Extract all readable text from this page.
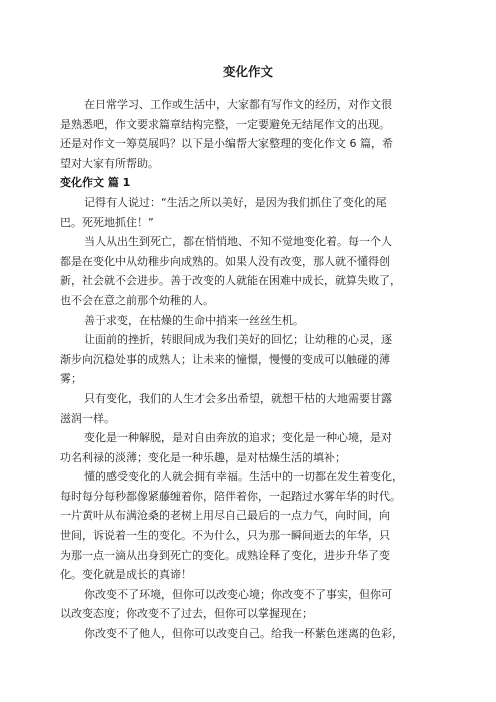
变化作文
在日常学习、工作或生活中，大家都有写作文的经历，对作文很
是熟悉吧，作文要求篇章结构完整，一定要避免无结尾作文的出现。
还是对作文一筹莫展吗？以下是小编帮大家整理的变化作文 6 篇，希
望对大家有所帮助。
变化作文 篇 1
记得有人说过：“生活之所以美好，是因为我们抓住了变化的尾
巴。死死地抓住！”
当人从出生到死亡，都在悄悄地、不知不觉地变化着。每一个人
都是在变化中从幼稚步向成熟的。如果人没有改变，那人就不懂得创
新，社会就不会进步。善于改变的人就能在困难中成长，就算失败了，
也不会在意之前那个幼稚的人。
善于求变，在枯燥的生命中捎来一丝丝生机。
让面前的挫折，转眼间成为我们美好的回忆；让幼稚的心灵，逐
渐步向沉稳处事的成熟人；让未来的憧憬，慢慢的变成可以触碰的薄
雾；
只有变化，我们的人生才会多出希望，就想干枯的大地需要甘露
滋润一样。
变化是一种解脱，是对自由奔放的追求；变化是一种心境，是对
功名利禄的淡薄；变化是一种乐趣，是对枯燥生活的填补；
懂的感受变化的人就会拥有幸福。生活中的一切都在发生着变化，
每时每分每秒都像紧藤缠着你，陪伴着你，一起踏过水雾年华的时代。
一片黄叶从布满沧桑的老树上用尽自己最后的一点力气，向时间，向
世间，诉说着一生的变化。不为什么，只为那一瞬间逝去的年华，只
为那一点一滴从出身到死亡的变化。成熟诠释了变化，进步升华了变
化。变化就是成长的真谛！
你改变不了环境，但你可以改变心境；你改变不了事实，但你可
以改变态度；你改变不了过去，但你可以掌握现在；
你改变不了他人，但你可以改变自己。给我一杯紫色迷离的色彩，
